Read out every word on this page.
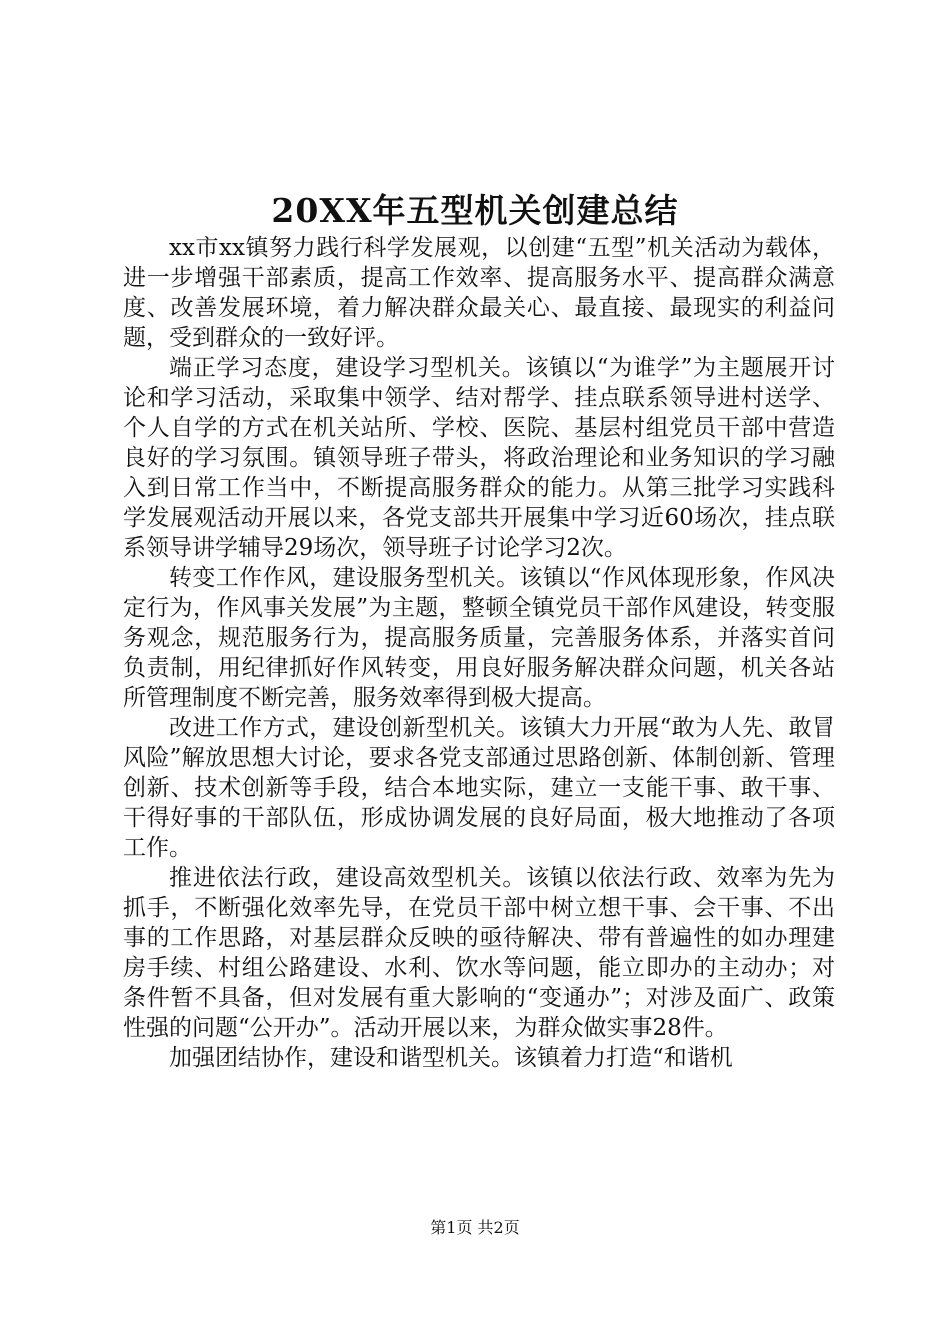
20XX年五型机关创建总结

xx市xx镇努力践行科学发展观，以创建“五型”机关活动为载体，进一步增强干部素质，提高工作效率、提高服务水平、提高群众满意度、改善发展环境，着力解决群众最关心、最直接、最现实的利益问题，受到群众的一致好评。

端正学习态度，建设学习型机关。该镇以“为谁学”为主题展开讨论和学习活动，采取集中领学、结对帮学、挂点联系领导进村送学、个人自学的方式在机关站所、学校、医院、基层村组党员干部中营造良好的学习氛围。镇领导班子带头，将政治理论和业务知识的学习融入到日常工作当中，不断提高服务群众的能力。从第三批学习实践科学发展观活动开展以来，各党支部共开展集中学习近60场次，挂点联系领导讲学辅导29场次，领导班子讨论学习2次。

转变工作作风，建设服务型机关。该镇以“作风体现形象，作风决定行为，作风事关发展”为主题，整顿全镇党员干部作风建设，转变服务观念，规范服务行为，提高服务质量，完善服务体系，并落实首问负责制，用纪律抓好作风转变，用良好服务解决群众问题，机关各站所管理制度不断完善，服务效率得到极大提高。

改进工作方式，建设创新型机关。该镇大力开展“敢为人先、敢冒风险”解放思想大讨论，要求各党支部通过思路创新、体制创新、管理创新、技术创新等手段，结合本地实际，建立一支能干事、敢干事、干得好事的干部队伍，形成协调发展的良好局面，极大地推动了各项工作。

推进依法行政，建设高效型机关。该镇以依法行政、效率为先为抓手，不断强化效率先导，在党员干部中树立想干事、会干事、不出事的工作思路，对基层群众反映的亟待解决、带有普遍性的如办理建房手续、村组公路建设、水利、饮水等问题，能立即办的主动办；对条件暂不具备，但对发展有重大影响的“变通办”；对涉及面广、政策性强的问题“公开办”。活动开展以来，为群众做实事28件。

加强团结协作，建设和谐型机关。该镇着力打造“和谐机

第1页 共2页
